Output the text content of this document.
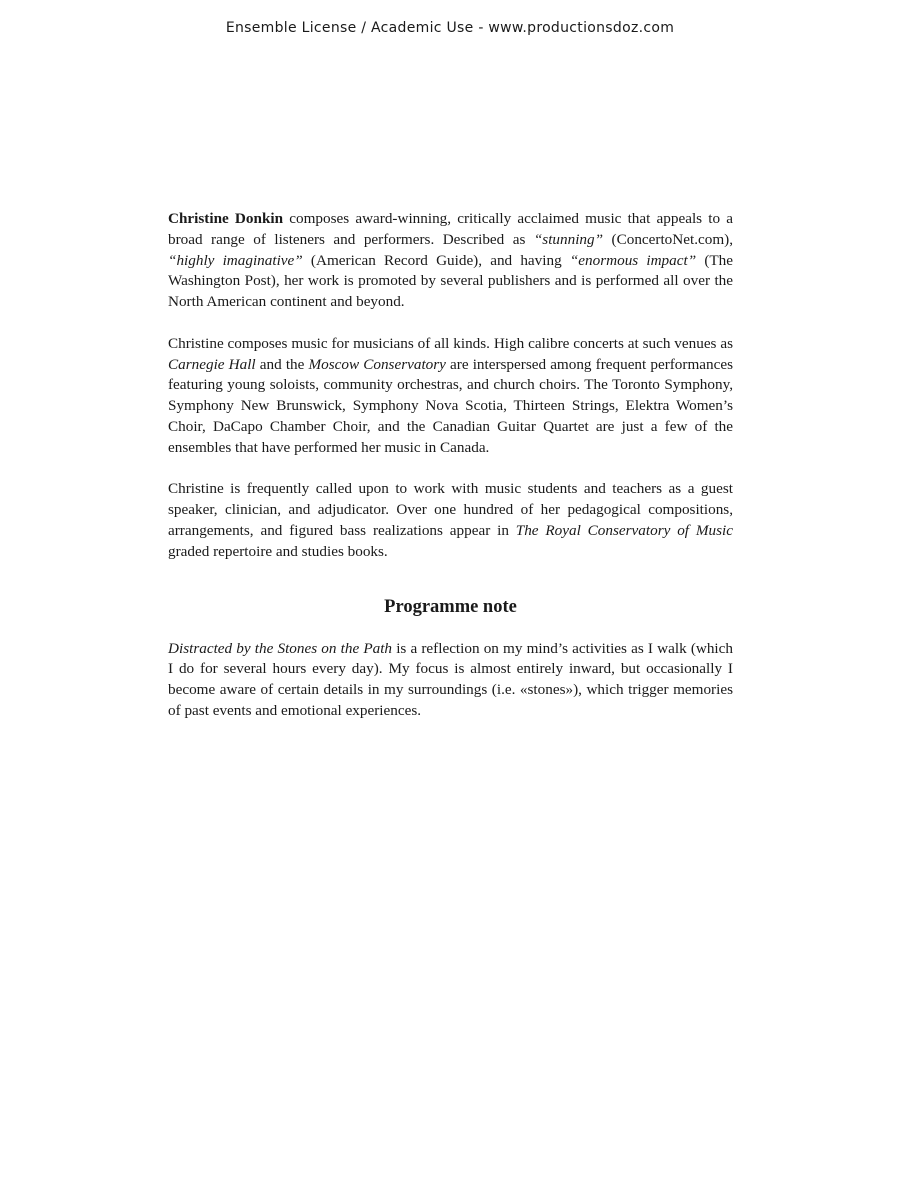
Ensemble License / Academic Use - www.productionsdoz.com

Christine Donkin composes award-winning, critically acclaimed music that appeals to a broad range of listeners and performers. Described as “stunning” (ConcertoNet.com), “highly imaginative” (American Record Guide), and having “enormous impact” (The Washington Post), her work is promoted by several publishers and is performed all over the North American continent and beyond.

Christine composes music for musicians of all kinds. High calibre concerts at such venues as Carnegie Hall and the Moscow Conservatory are interspersed among frequent performances featuring young soloists, community orchestras, and church choirs. The Toronto Symphony, Symphony New Brunswick, Symphony Nova Scotia, Thirteen Strings, Elektra Women’s Choir, DaCapo Chamber Choir, and the Canadian Guitar Quartet are just a few of the ensembles that have performed her music in Canada.

Christine is frequently called upon to work with music students and teachers as a guest speaker, clinician, and adjudicator. Over one hundred of her pedagogical compositions, arrangements, and figured bass realizations appear in The Royal Conservatory of Music graded repertoire and studies books.

Programme note

Distracted by the Stones on the Path is a reflection on my mind’s activities as I walk (which I do for several hours every day). My focus is almost entirely inward, but occasionally I become aware of certain details in my surroundings (i.e. «stones»), which trigger memories of past events and emotional experiences.
